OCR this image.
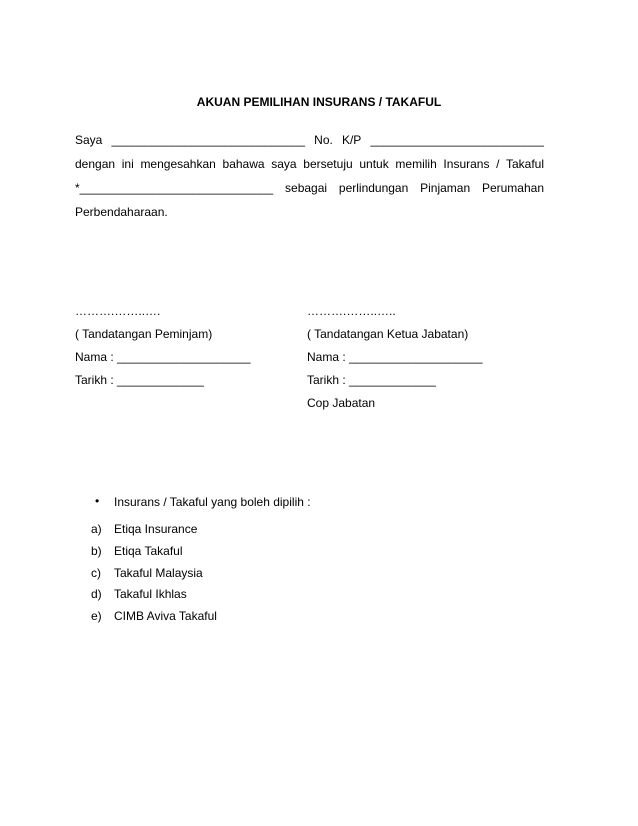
AKUAN PEMILIHAN INSURANS / TAKAFUL
Saya _____________________________ No. K/P __________________________
dengan ini mengesahkan bahawa saya bersetuju untuk memilih Insurans / Takaful
*_____________________________ sebagai perlindungan Pinjaman Perumahan
Perbendaharaan.
……….……..….
( Tandatangan Peminjam)
Nama : ____________________
Tarikh : _____________
……….……..…..
( Tandatangan Ketua Jabatan)
Nama : ____________________
Tarikh : _____________
Cop Jabatan
• Insurans / Takaful yang boleh dipilih :
a) Etiqa Insurance
b) Etiqa Takaful
c) Takaful Malaysia
d) Takaful Ikhlas
e) CIMB Aviva Takaful
